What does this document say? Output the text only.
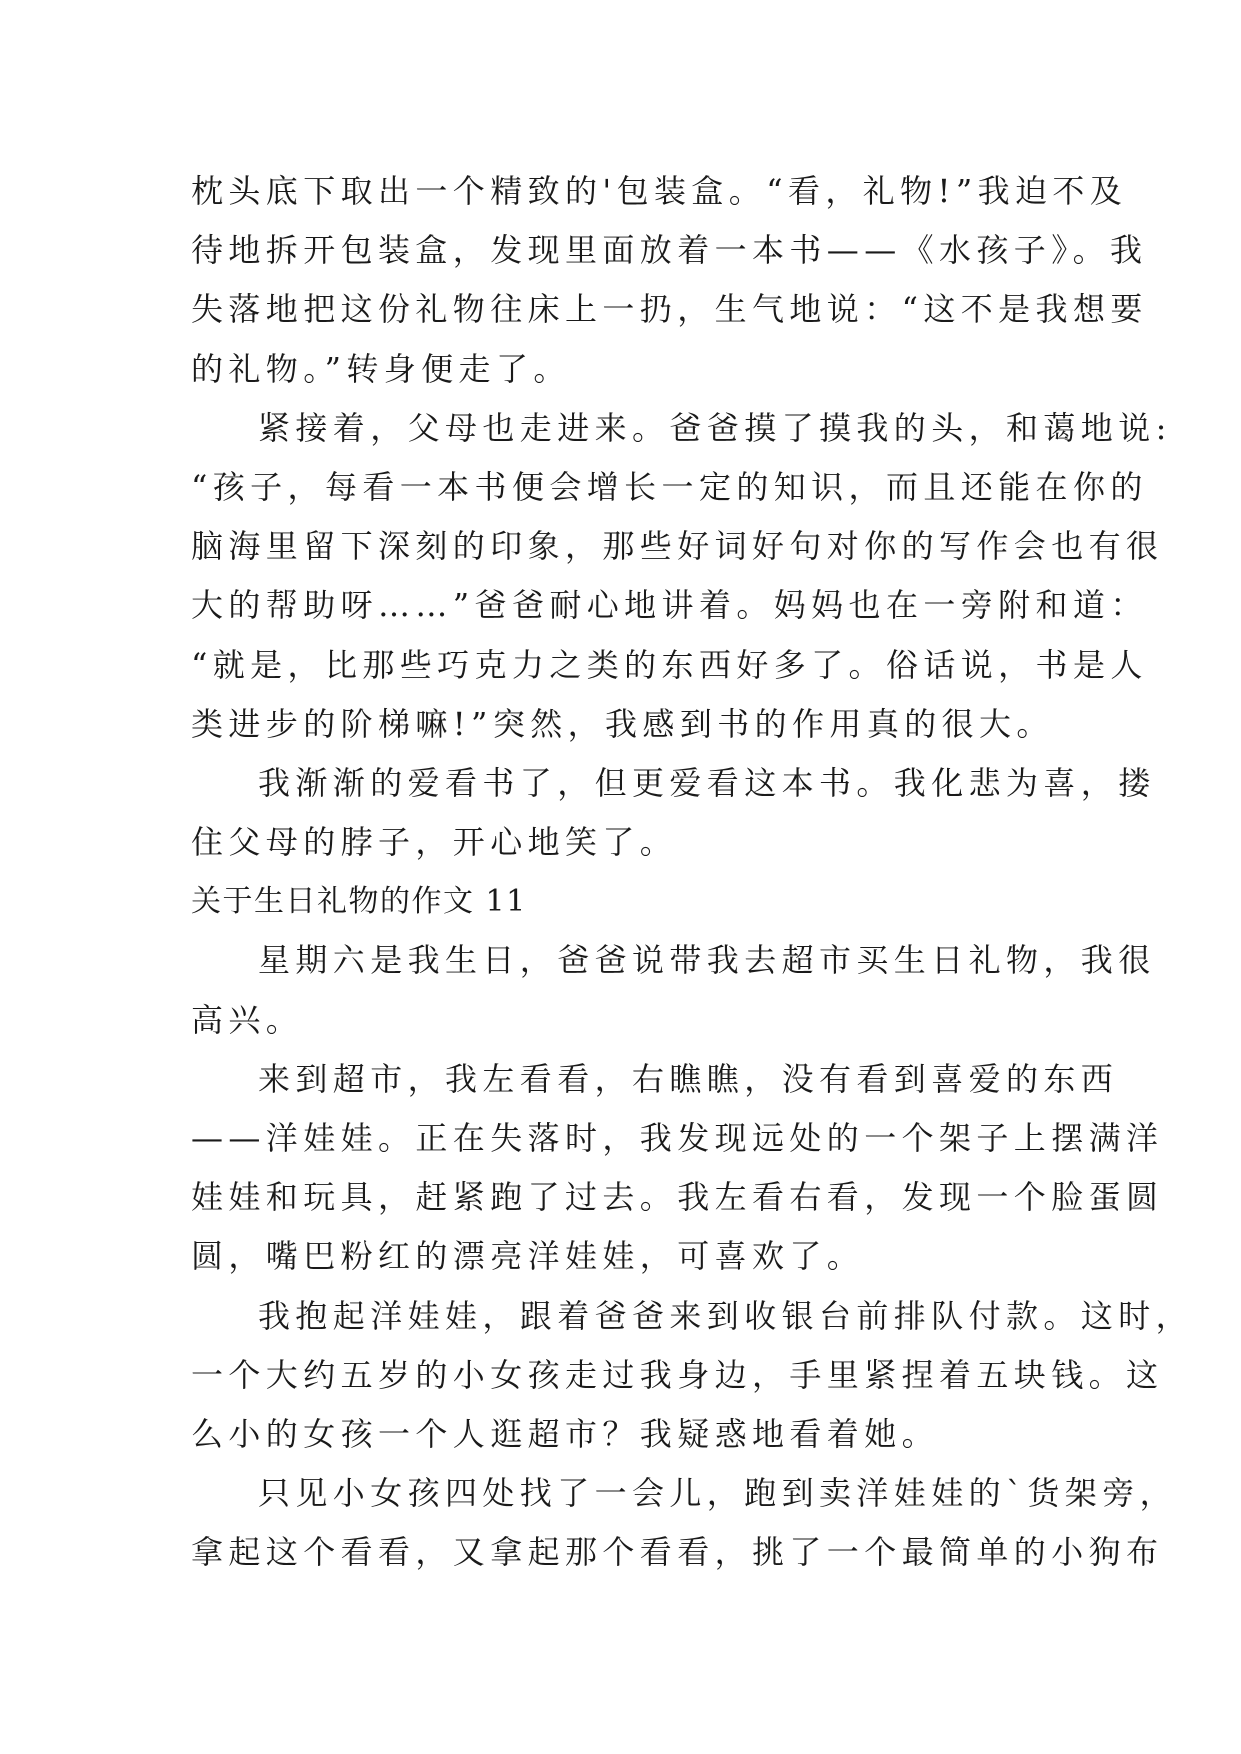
枕头底下取出一个精致的'包装盒。“看，礼物!”我迫不及
待地拆开包装盒，发现里面放着一本书——《水孩子》。我
失落地把这份礼物往床上一扔，生气地说：“这不是我想要
的礼物。”转身便走了。
紧接着，父母也走进来。爸爸摸了摸我的头，和蔼地说:
“孩子，每看一本书便会增长一定的知识，而且还能在你的
脑海里留下深刻的印象，那些好词好句对你的写作会也有很
大的帮助呀……”爸爸耐心地讲着。妈妈也在一旁附和道：
“就是，比那些巧克力之类的东西好多了。俗话说，书是人
类进步的阶梯嘛!”突然，我感到书的作用真的很大。
我渐渐的爱看书了，但更爱看这本书。我化悲为喜，搂
住父母的脖子，开心地笑了。
关于生日礼物的作文 11
星期六是我生日，爸爸说带我去超市买生日礼物，我很
高兴。
来到超市，我左看看，右瞧瞧，没有看到喜爱的东西
——洋娃娃。正在失落时，我发现远处的一个架子上摆满洋
娃娃和玩具，赶紧跑了过去。我左看右看，发现一个脸蛋圆
圆，嘴巴粉红的漂亮洋娃娃，可喜欢了。
我抱起洋娃娃，跟着爸爸来到收银台前排队付款。这时，
一个大约五岁的小女孩走过我身边，手里紧捏着五块钱。这
么小的女孩一个人逛超市？我疑惑地看着她。
只见小女孩四处找了一会儿，跑到卖洋娃娃的`货架旁，
拿起这个看看，又拿起那个看看，挑了一个最简单的小狗布
